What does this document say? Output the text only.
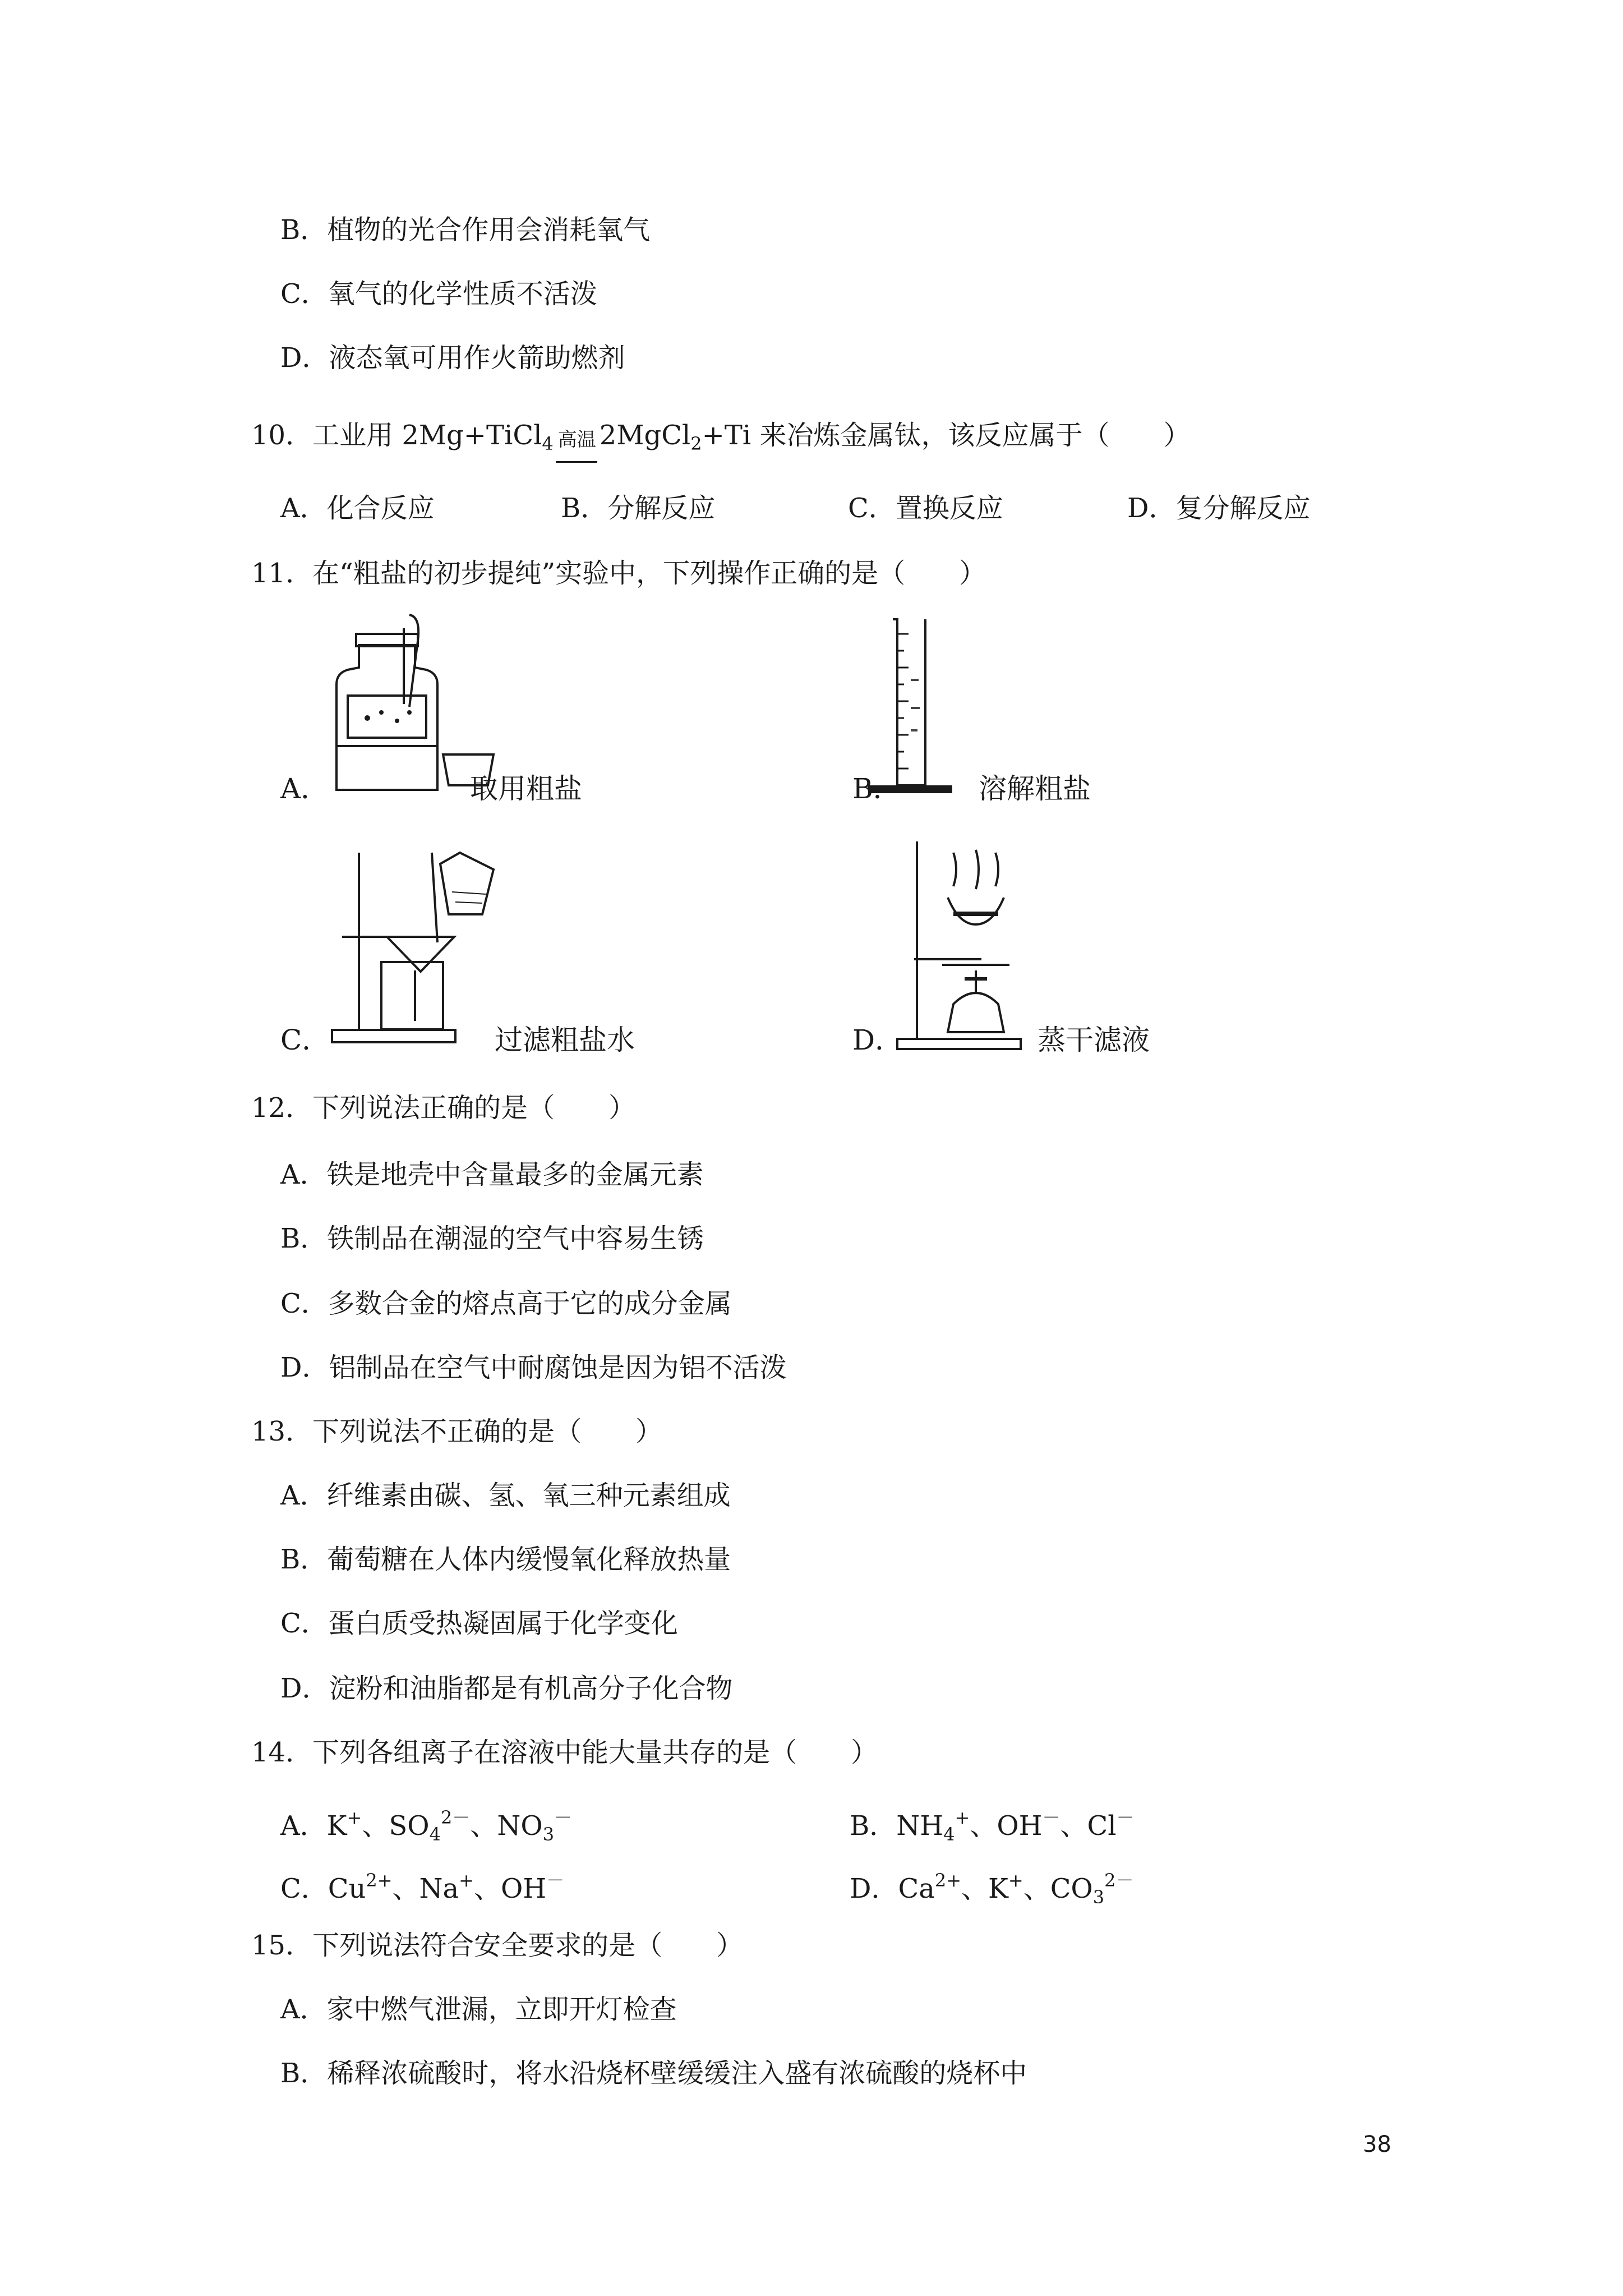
B．植物的光合作用会消耗氧气
C．氧气的化学性质不活泼
D．液态氧可用作火箭助燃剂
10．工业用 2Mg+TiCl$_4$ 高温 2MgCl$_2$+Ti 来冶炼金属钛，该反应属于（　　）
A．化合反应	B．分解反应	C．置换反应	D．复分解反应
11．在“粗盐的初步提纯”实验中，下列操作正确的是（　　）
A．	取用粗盐	B．	溶解粗盐
C．	过滤粗盐水	D．	蒸干滤液
12．下列说法正确的是（　　）
A．铁是地壳中含量最多的金属元素
B．铁制品在潮湿的空气中容易生锈
C．多数合金的熔点高于它的成分金属
D．铝制品在空气中耐腐蚀是因为铝不活泼
13．下列说法不正确的是（　　）
A．纤维素由碳、氢、氧三种元素组成
B．葡萄糖在人体内缓慢氧化释放热量
C．蛋白质受热凝固属于化学变化
D．淀粉和油脂都是有机高分子化合物
14．下列各组离子在溶液中能大量共存的是（　　）
A．K+、$SO_4^{2-}$、$NO_3^-$	B．$NH_4^+$、OH－、Cl－
C．$Cu^{2+}$、Na+、OH－	D．$Ca^{2+}$、K+、$CO_3^{2-}$
15．下列说法符合安全要求的是（　　）
A．家中燃气泄漏，立即开灯检查
B．稀释浓硫酸时，将水沿烧杯壁缓缓注入盛有浓硫酸的烧杯中
38
